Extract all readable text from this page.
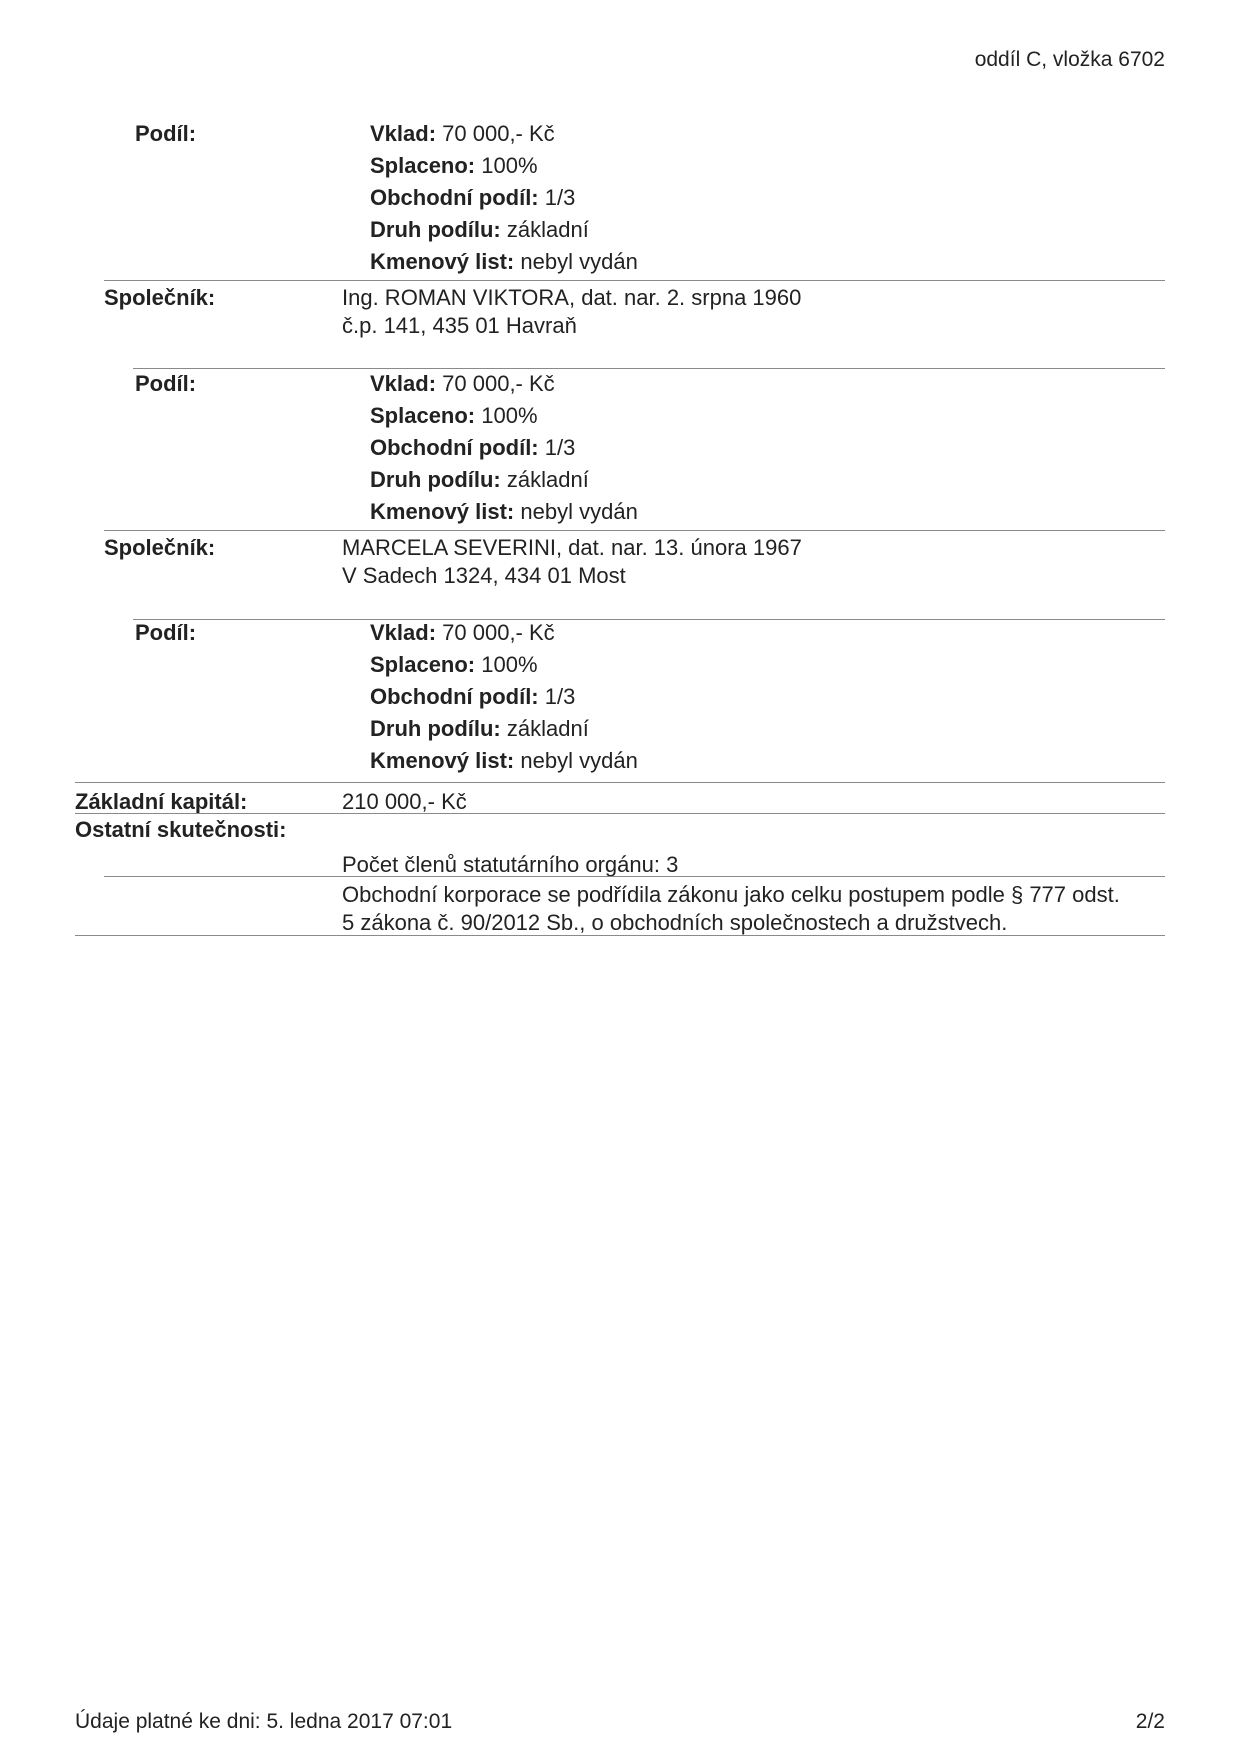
oddíl C, vložka 6702
Podíl:	Vklad: 70 000,- Kč
Splaceno: 100%
Obchodní podíl: 1/3
Druh podílu: základní
Kmenový list: nebyl vydán
Společník:	Ing. ROMAN VIKTORA, dat. nar. 2. srpna 1960
č.p. 141, 435 01 Havraň
Podíl:	Vklad: 70 000,- Kč
Splaceno: 100%
Obchodní podíl: 1/3
Druh podílu: základní
Kmenový list: nebyl vydán
Společník:	MARCELA SEVERINI, dat. nar. 13. února 1967
V Sadech 1324, 434 01 Most
Podíl:	Vklad: 70 000,- Kč
Splaceno: 100%
Obchodní podíl: 1/3
Druh podílu: základní
Kmenový list: nebyl vydán
Základní kapitál:	210 000,- Kč
Ostatní skutečnosti:
Počet členů statutárního orgánu: 3
Obchodní korporace se podřídila zákonu jako celku postupem podle § 777 odst.
5 zákona č. 90/2012 Sb., o obchodních společnostech a družstvech.
Údaje platné ke dni: 5. ledna 2017 07:01	2/2
